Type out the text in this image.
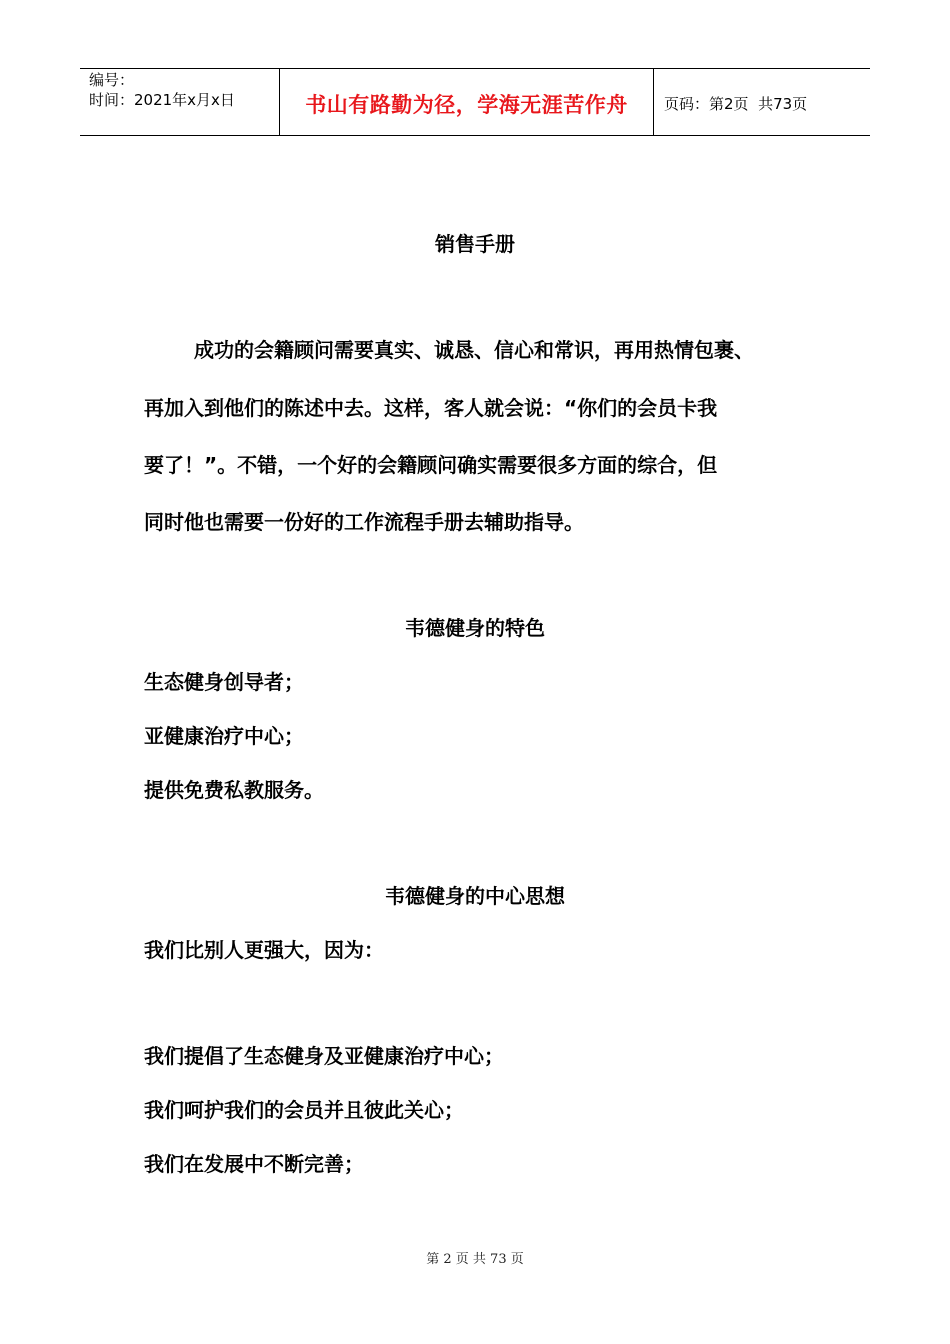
编号：
时间：2021年x月x日	书山有路勤为径，学海无涯苦作舟 页码：第2页  共73页
销售手册
成功的会籍顾问需要真实、诚恳、信心和常识，再用热情包裹、
再加入到他们的陈述中去。这样，客人就会说：“你们的会员卡我
要了！”。不错，一个好的会籍顾问确实需要很多方面的综合，但
同时他也需要一份好的工作流程手册去辅助指导。
韦德健身的特色
生态健身创导者；
亚健康治疗中心；
提供免费私教服务。
韦德健身的中心思想
我们比别人更强大，因为：
我们提倡了生态健身及亚健康治疗中心；
我们呵护我们的会员并且彼此关心；
我们在发展中不断完善；
第 2 页 共 73 页
